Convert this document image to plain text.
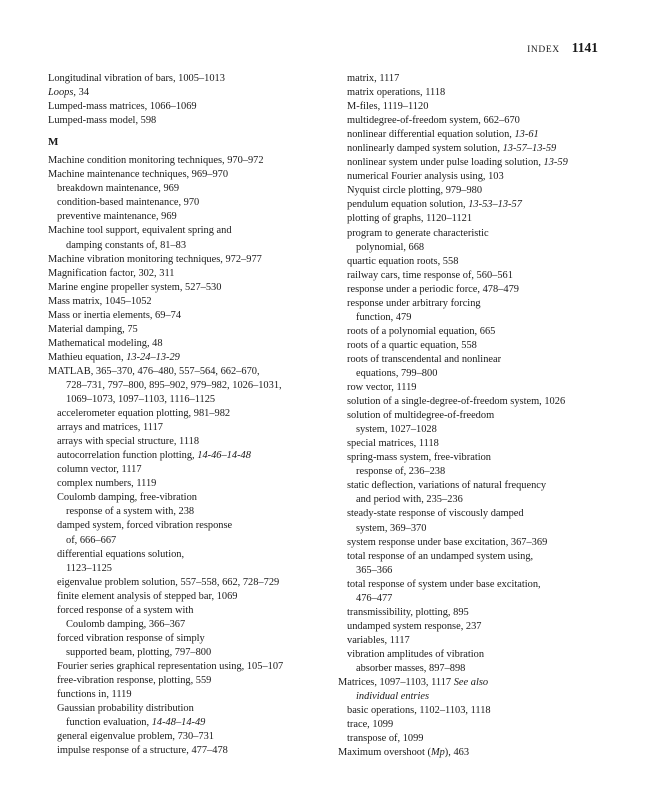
INDEX 1141
Longitudinal vibration of bars, 1005–1013
Loops, 34
Lumped-mass matrices, 1066–1069
Lumped-mass model, 598
M
Machine condition monitoring techniques, 970–972
Machine maintenance techniques, 969–970
breakdown maintenance, 969
condition-based maintenance, 970
preventive maintenance, 969
Machine tool support, equivalent spring and
damping constants of, 81–83
Machine vibration monitoring techniques, 972–977
Magnification factor, 302, 311
Marine engine propeller system, 527–530
Mass matrix, 1045–1052
Mass or inertia elements, 69–74
Material damping, 75
Mathematical modeling, 48
Mathieu equation, 13-24–13-29
MATLAB, 365–370, 476–480, 557–564, 662–670,
728–731, 797–800, 895–902, 979–982, 1026–1031,
1069–1073, 1097–1103, 1116–1125
accelerometer equation plotting, 981–982
arrays and matrices, 1117
arrays with special structure, 1118
autocorrelation function plotting, 14-46–14-48
column vector, 1117
complex numbers, 1119
Coulomb damping, free-vibration
response of a system with, 238
damped system, forced vibration response
of, 666–667
differential equations solution,
1123–1125
eigenvalue problem solution, 557–558, 662, 728–729
finite element analysis of stepped bar, 1069
forced response of a system with
Coulomb damping, 366–367
forced vibration response of simply
supported beam, plotting, 797–800
Fourier series graphical representation using, 105–107
free-vibration response, plotting, 559
functions in, 1119
Gaussian probability distribution
function evaluation, 14-48–14-49
general eigenvalue problem, 730–731
impulse response of a structure, 477–478
matrix, 1117
matrix operations, 1118
M-files, 1119–1120
multidegree-of-freedom system, 662–670
nonlinear differential equation solution, 13-61
nonlinearly damped system solution, 13-57–13-59
nonlinear system under pulse loading solution, 13-59
numerical Fourier analysis using, 103
Nyquist circle plotting, 979–980
pendulum equation solution, 13-53–13-57
plotting of graphs, 1120–1121
program to generate characteristic
polynomial, 668
quartic equation roots, 558
railway cars, time response of, 560–561
response under a periodic force, 478–479
response under arbitrary forcing
function, 479
roots of a polynomial equation, 665
roots of a quartic equation, 558
roots of transcendental and nonlinear
equations, 799–800
row vector, 1119
solution of a single-degree-of-freedom system, 1026
solution of multidegree-of-freedom
system, 1027–1028
special matrices, 1118
spring-mass system, free-vibration
response of, 236–238
static deflection, variations of natural frequency
and period with, 235–236
steady-state response of viscously damped
system, 369–370
system response under base excitation, 367–369
total response of an undamped system using,
365–366
total response of system under base excitation,
476–477
transmissibility, plotting, 895
undamped system response, 237
variables, 1117
vibration amplitudes of vibration
absorber masses, 897–898
Matrices, 1097–1103, 1117 See also
individual entries
basic operations, 1102–1103, 1118
trace, 1099
transpose of, 1099
Maximum overshoot (Mp), 463
